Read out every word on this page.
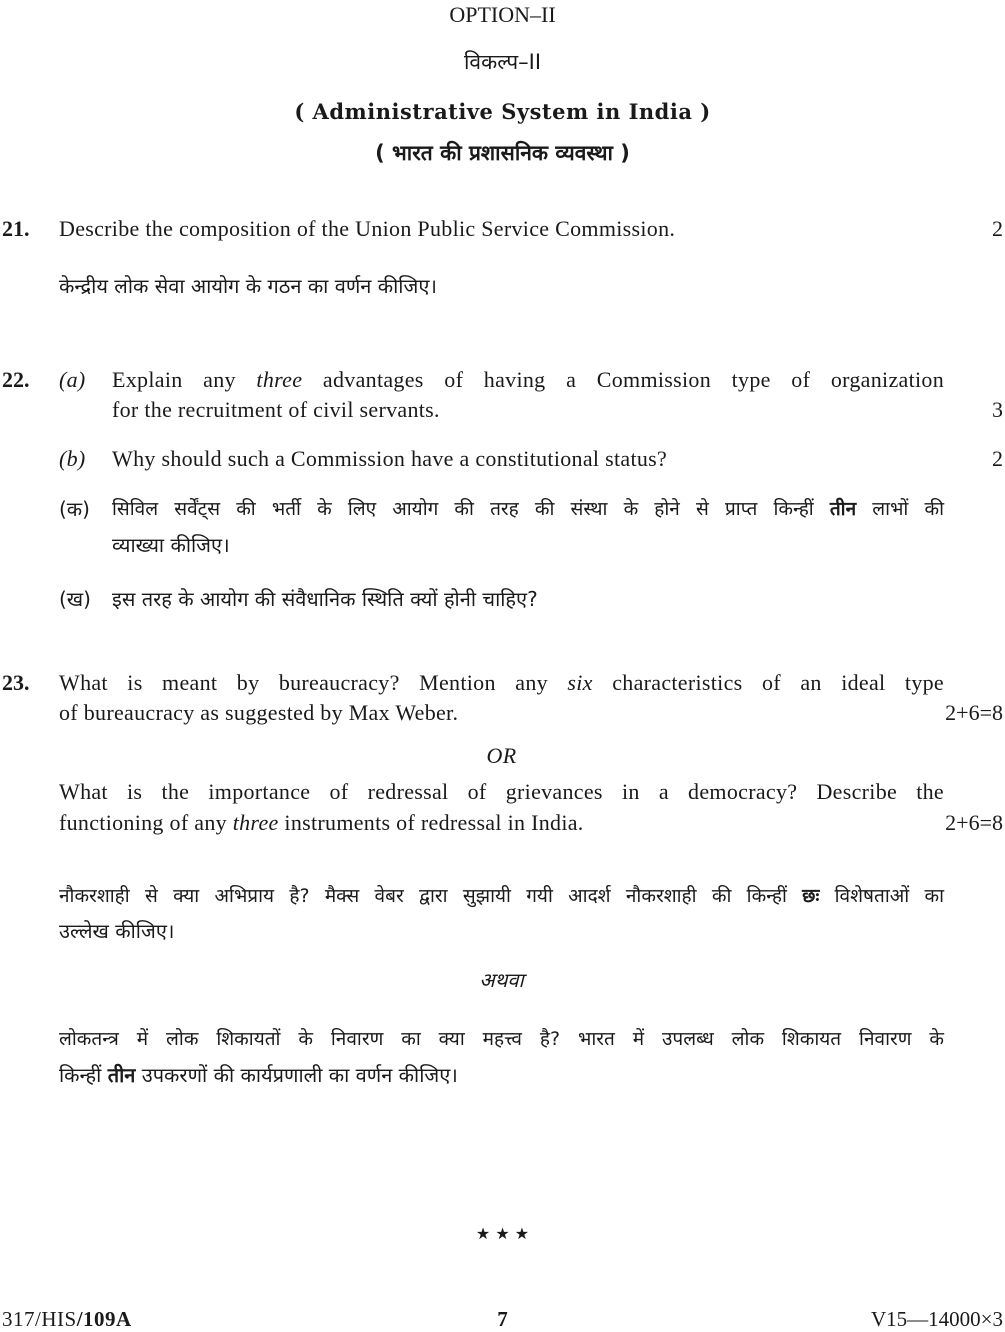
OPTION–II
विकल्प–II
( Administrative System in India )
( भारत की प्रशासनिक व्यवस्था )
21. Describe the composition of the Union Public Service Commission.	2
केन्द्रीय लोक सेवा आयोग के गठन का वर्णन कीजिए।
22. (a) Explain any three advantages of having a Commission type of organization
for the recruitment of civil servants.	3
(b) Why should such a Commission have a constitutional status?	2
(क) सिविल सर्वेंट्स की भर्ती के लिए आयोग की तरह की संस्था के होने से प्राप्त किन्हीं तीन लाभों की
व्याख्या कीजिए।
(ख) इस तरह के आयोग की संवैधानिक स्थिति क्यों होनी चाहिए?
23. What is meant by bureaucracy? Mention any six characteristics of an ideal type
of bureaucracy as suggested by Max Weber.	2+6=8
OR
What is the importance of redressal of grievances in a democracy? Describe the
functioning of any three instruments of redressal in India.	2+6=8
नौकरशाही से क्या अभिप्राय है? मैक्स वेबर द्वारा सुझायी गयी आदर्श नौकरशाही की किन्हीं छः विशेषताओं का
उल्लेख कीजिए।
अथवा
लोकतन्त्र में लोक शिकायतों के निवारण का क्या महत्त्व है? भारत में उपलब्ध लोक शिकायत निवारण के
किन्हीं तीन उपकरणों की कार्यप्रणाली का वर्णन कीजिए।
★ ★ ★
317/HIS/109A	7	V15—14000×3
